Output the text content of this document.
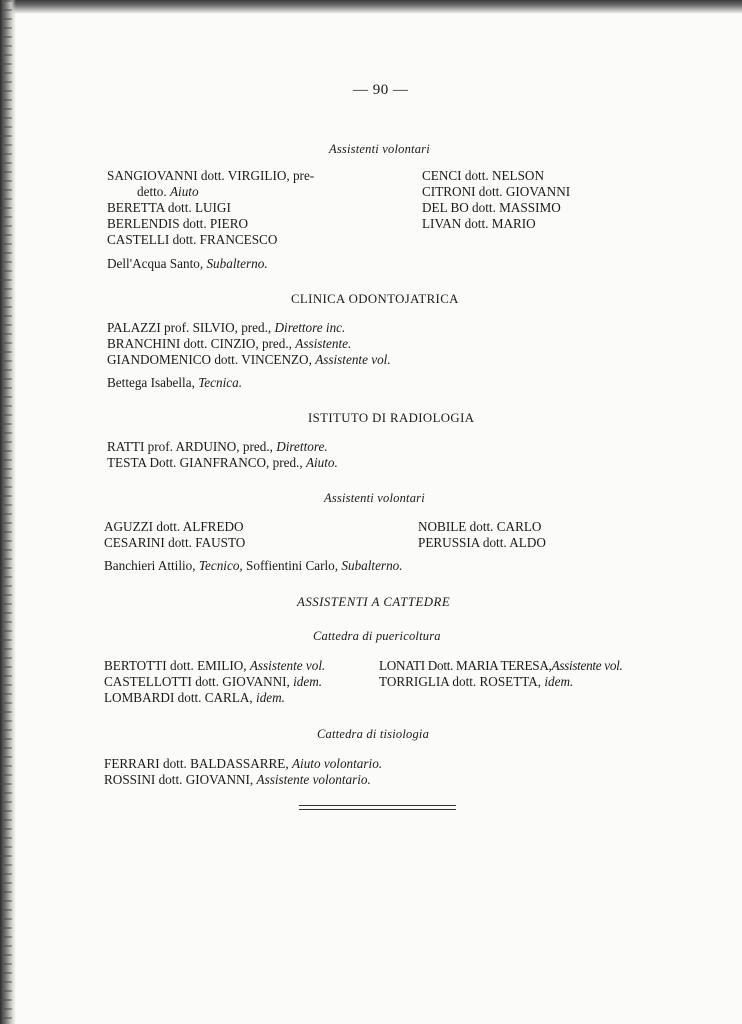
— 90 —
Assistenti volontari
SANGIOVANNI dott. VIRGILIO, pre-
detto. Aiuto
BERETTA dott. LUIGI
BERLENDIS dott. PIERO
CASTELLI dott. FRANCESCO
CENCI dott. NELSON
CITRONI dott. GIOVANNI
DEL BO dott. MASSIMO
LIVAN dott. MARIO
Dell'Acqua Santo, Subalterno.
CLINICA ODONTOJATRICA
PALAZZI prof. SILVIO, pred., Direttore inc.
BRANCHINI dott. CINZIO, pred., Assistente.
GIANDOMENICO dott. VINCENZO, Assistente vol.
Bettega Isabella, Tecnica.
ISTITUTO DI RADIOLOGIA
RATTI prof. ARDUINO, pred., Direttore.
TESTA Dott. GIANFRANCO, pred., Aiuto.
Assistenti volontari
AGUZZI dott. ALFREDO
CESARINI dott. FAUSTO
NOBILE dott. CARLO
PERUSSIA dott. ALDO
Banchieri Attilio, Tecnico, Soffientini Carlo, Subalterno.
ASSISTENTI A CATTEDRE
Cattedra di puericoltura
BERTOTTI dott. EMILIO, Assistente vol.
CASTELLOTTI dott. GIOVANNI, idem.
LOMBARDI dott. CARLA, idem.
LONATI Dott. MARIA TERESA,Assistente vol.
TORRIGLIA dott. ROSETTA, idem.
Cattedra di tisiologia
FERRARI dott. BALDASSARRE, Aiuto volontario.
ROSSINI dott. GIOVANNI, Assistente volontario.
